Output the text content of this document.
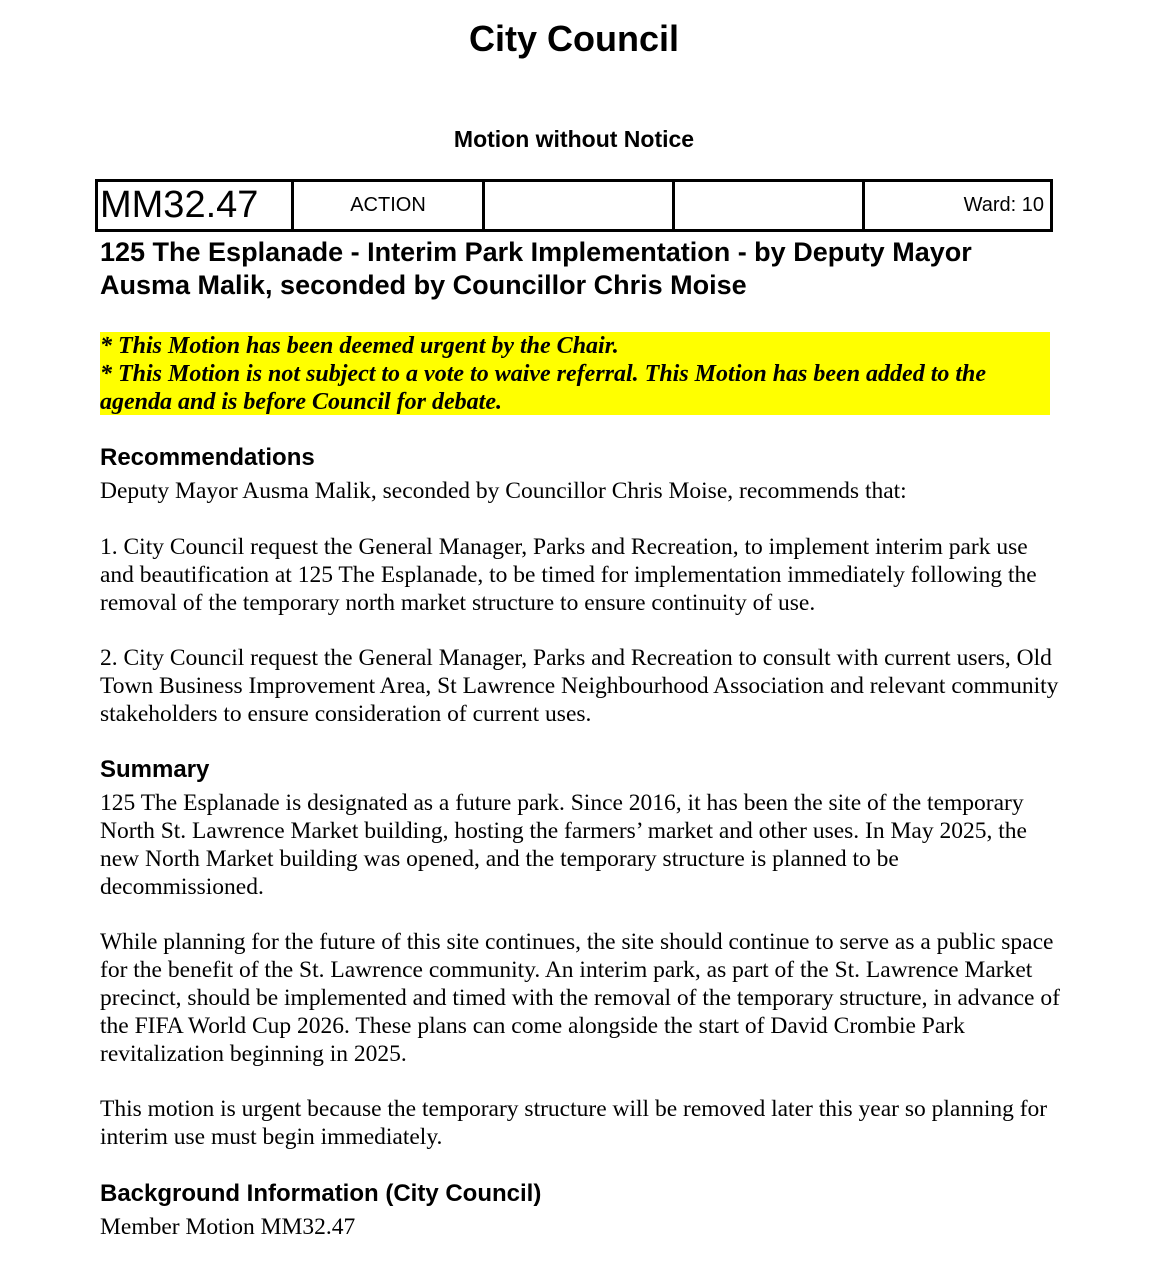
City Council
Motion without Notice
MM32.47	ACTION	Ward: 10
125 The Esplanade - Interim Park Implementation - by Deputy Mayor Ausma Malik, seconded by Councillor Chris Moise
* This Motion has been deemed urgent by the Chair.
* This Motion is not subject to a vote to waive referral. This Motion has been added to the
agenda and is before Council for debate.
Recommendations
Deputy Mayor Ausma Malik, seconded by Councillor Chris Moise, recommends that:
1. City Council request the General Manager, Parks and Recreation, to implement interim park use and beautification at 125 The Esplanade, to be timed for implementation immediately following the removal of the temporary north market structure to ensure continuity of use.
2. City Council request the General Manager, Parks and Recreation to consult with current users, Old Town Business Improvement Area, St Lawrence Neighbourhood Association and relevant community stakeholders to ensure consideration of current uses.
Summary
125 The Esplanade is designated as a future park. Since 2016, it has been the site of the temporary North St. Lawrence Market building, hosting the farmers’ market and other uses. In May 2025, the new North Market building was opened, and the temporary structure is planned to be decommissioned.
While planning for the future of this site continues, the site should continue to serve as a public space for the benefit of the St. Lawrence community. An interim park, as part of the St. Lawrence Market precinct, should be implemented and timed with the removal of the temporary structure, in advance of the FIFA World Cup 2026. These plans can come alongside the start of David Crombie Park revitalization beginning in 2025.
This motion is urgent because the temporary structure will be removed later this year so planning for interim use must begin immediately.
Background Information (City Council)
Member Motion MM32.47
